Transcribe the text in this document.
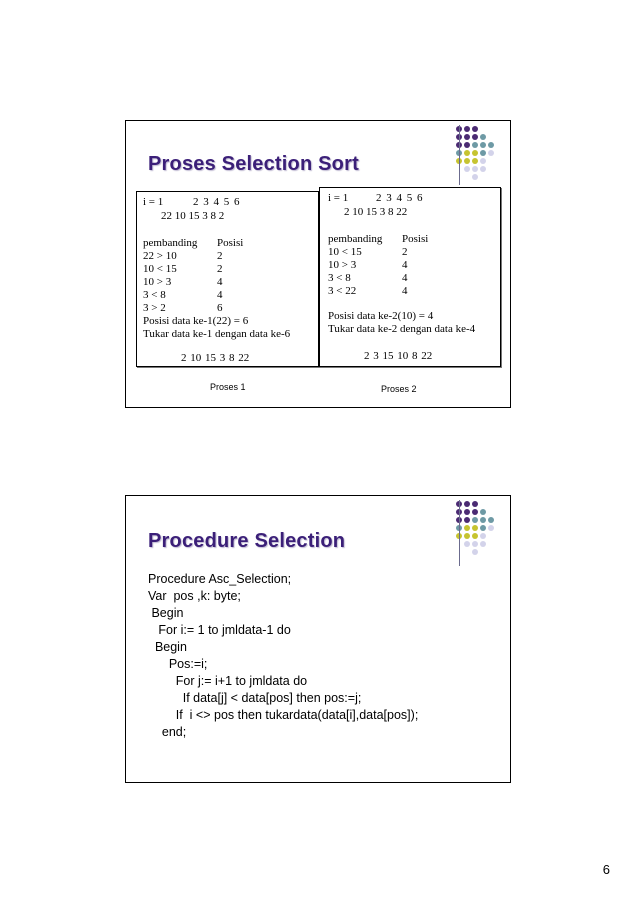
Proses Selection Sort
i = 1	2 3 4 5 6
22 10 15 3 8 2
pembanding Posisi
22 > 10	2
10 < 15	2
10 > 3	4
3 < 8	4
3 > 2	6
Posisi data ke-1(22) = 6
Tukar data ke-1 dengan data ke-6
2 10 15 3 8 22
Proses 1
i = 1	2 3 4 5 6
2 10 15 3 8 22
pembanding Posisi
10 < 15	2
10 > 3	4
3 < 8	4
3 < 22	4
Posisi data ke-2(10) = 4
Tukar data ke-2 dengan data ke-4
2 3 15 10 8 22
Proses 2
Procedure Selection
Procedure Asc_Selection;
Var  pos ,k: byte;
Begin
For i:= 1 to jmldata-1 do
Begin
Pos:=i;
For j:= i+1 to jmldata do
If data[j] < data[pos] then pos:=j;
If  i <> pos then tukardata(data[i],data[pos]);
end;
6
